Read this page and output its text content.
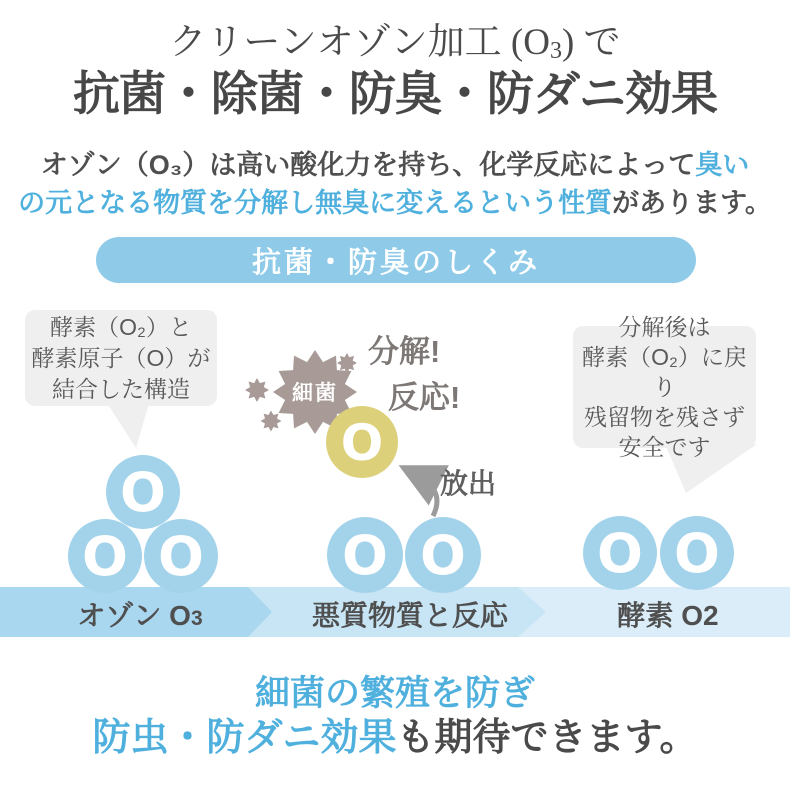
クリーンオゾン加工 (O3) で
抗菌・除菌・防臭・防ダニ効果
オゾン（O₃）は高い酸化力を持ち、化学反応によって臭い
の元となる物質を分解し無臭に変えるという性質があります。
抗菌・防臭のしくみ
O
O O	O O O O
細菌
O
酵素（O₂）と
酵素原子（O）が
結合した構造
分解後は
酵素（O₂）に戻り
残留物を残さず
安全です
分解!
反応!
放出
オゾン O3	悪質物質と反応	酵素 O2
細菌の繁殖を防ぎ
防虫・防ダニ効果も期待できます。
